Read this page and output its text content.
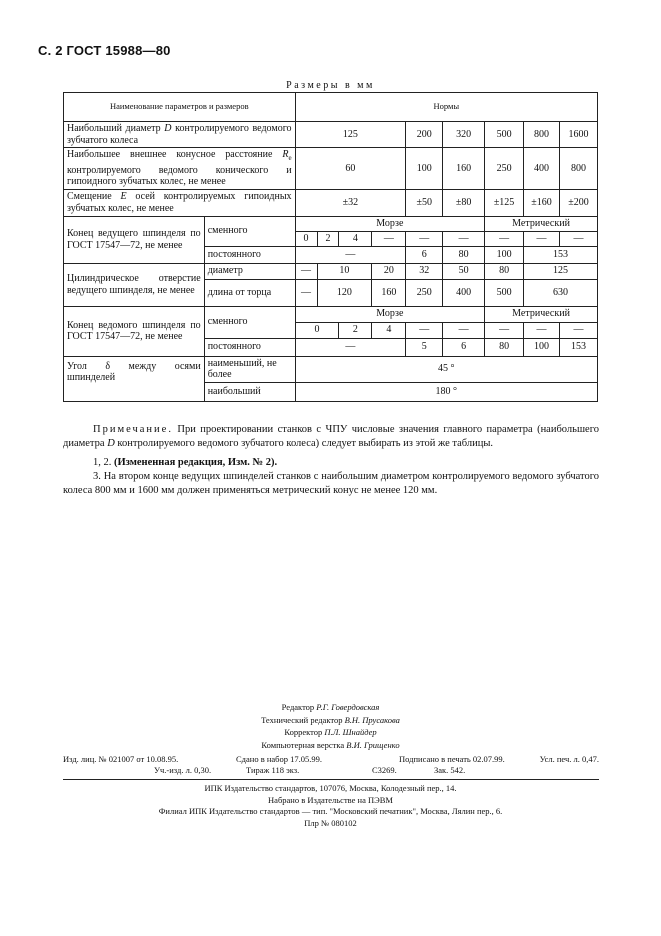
С. 2 ГОСТ 15988—80
Размеры в мм
Наименование параметров и размеров		Нормы								
Наибольший диаметр D контролируемого ведомого зубчатого колеса		125				200	320	500	800	1600
Наибольшее внешнее конусное расстояние $R_e$ контролируемого ведомого конического и гипоидного зубчатых колес, не менее		60				100	160	250	400	800
Смещение E осей контролируемых гипоидных зубчатых колес, не менее		±32				±50	±80	±125	±160	±200
Конец ведущего шпинделя по ГОСТ 17547—72, не менее	сменного	Морзе						Метрический		
		0	2	4	—	—	—	—	—	—
	постоянного	—				6	80	100	153	
Цилиндрическое отверстие ведущего шпинделя, не менее	диаметр	—	10		20	32	50	80	125	
	длина от торца	—	120		160	250	400	500	630	
Конец ведомого шпинделя по ГОСТ 17547—72, не менее	сменного	Морзе						Метрический		
		0		2	4	—	—	—	—	—
	постоянного	—				5	6	80	100	153
Угол δ между осями шпинделей	наименьший, не более	45 °								
	наибольший	180 °								
Примечание. При проектировании станков с ЧПУ числовые значения главного параметра (наибольшего диаметра D контролируемого ведомого зубчатого колеса) следует выбирать из этой же таблицы.
1, 2. (Измененная редакция, Изм. № 2).
3. На втором конце ведущих шпинделей станков с наибольшим диаметром контролируемого ведомого зубчатого колеса 800 мм и 1600 мм должен применяться метрический конус не менее 120 мм.
Редактор Р.Г. Говердовская
Технический редактор В.Н. Прусакова
Корректор П.Л. Шнайдер
Компьютерная верстка В.И. Грищенко
Изд. лиц. № 021007 от 10.08.95.	Сдано в набор 17.05.99.	Подписано в печать 02.07.99.	Усл. печ. л. 0,47.
Уч.-изд. л. 0,30.	Тираж 118 экз.	С3269.	Зак. 542.
ИПК Издательство стандартов, 107076, Москва, Колодезный пер., 14.
Набрано в Издательстве на ПЭВМ
Филиал ИПК Издательство стандартов — тип. "Московский печатник", Москва, Лялин пер., 6.
Плр № 080102
